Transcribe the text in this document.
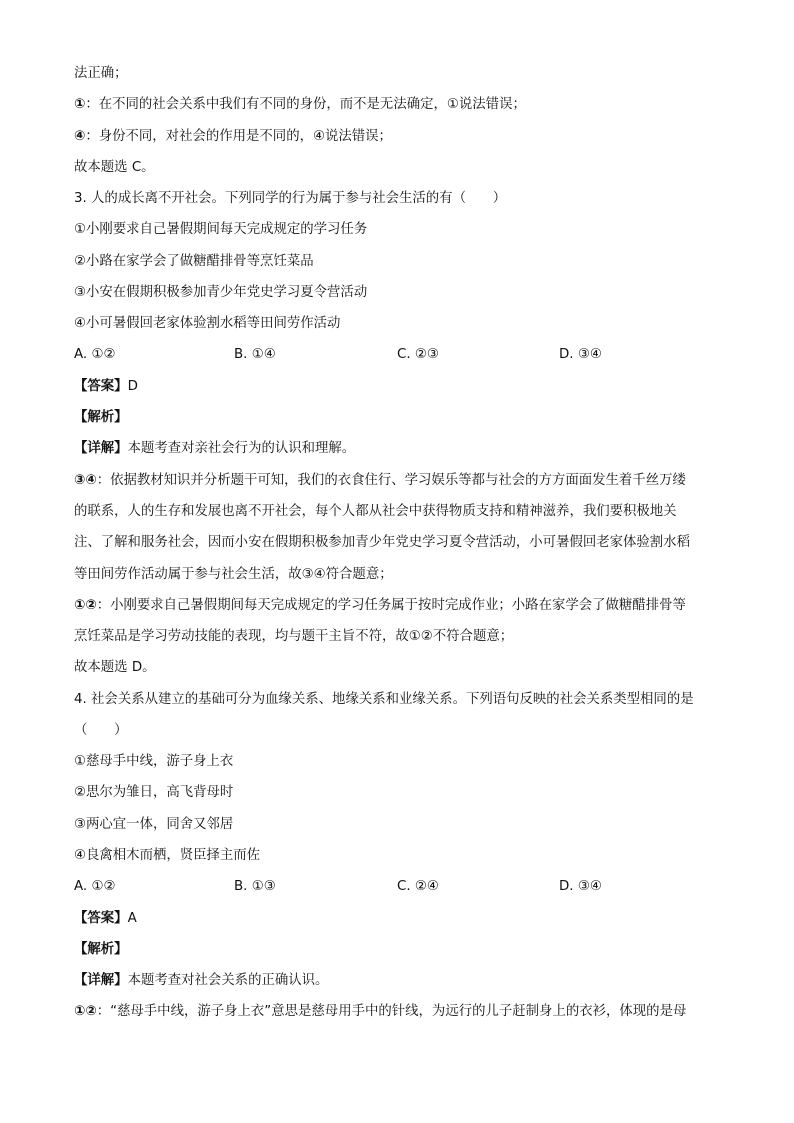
法正确；
①：在不同的社会关系中我们有不同的身份，而不是无法确定，①说法错误；
④：身份不同，对社会的作用是不同的，④说法错误；
故本题选 C。
3. 人的成长离不开社会。下列同学的行为属于参与社会生活的有（　　）
①小刚要求自己暑假期间每天完成规定的学习任务
②小路在家学会了做糖醋排骨等烹饪菜品
③小安在假期积极参加青少年党史学习夏令营活动
④小可暑假回老家体验割水稻等田间劳作活动
A. ①②	B. ①④	C. ②③	D. ③④
【答案】D
【解析】
【详解】本题考查对亲社会行为的认识和理解。
③④：依据教材知识并分析题干可知，我们的衣食住行、学习娱乐等都与社会的方方面面发生着千丝万缕
的联系，人的生存和发展也离不开社会，每个人都从社会中获得物质支持和精神滋养，我们要积极地关
注、了解和服务社会，因而小安在假期积极参加青少年党史学习夏令营活动，小可暑假回老家体验割水稻
等田间劳作活动属于参与社会生活，故③④符合题意；
①②：小刚要求自己暑假期间每天完成规定的学习任务属于按时完成作业；小路在家学会了做糖醋排骨等
烹饪菜品是学习劳动技能的表现，均与题干主旨不符，故①②不符合题意；
故本题选 D。
4. 社会关系从建立的基础可分为血缘关系、地缘关系和业缘关系。下列语句反映的社会关系类型相同的是
（　　）
①慈母手中线，游子身上衣
②思尔为雏日，高飞背母时
③两心宜一体，同舍又邻居
④良禽相木而栖，贤臣择主而佐
A. ①②	B. ①③	C. ②④	D. ③④
【答案】A
【解析】
【详解】本题考查对社会关系的正确认识。
①②：“慈母手中线，游子身上衣”意思是慈母用手中的针线，为远行的儿子赶制身上的衣衫，体现的是母
